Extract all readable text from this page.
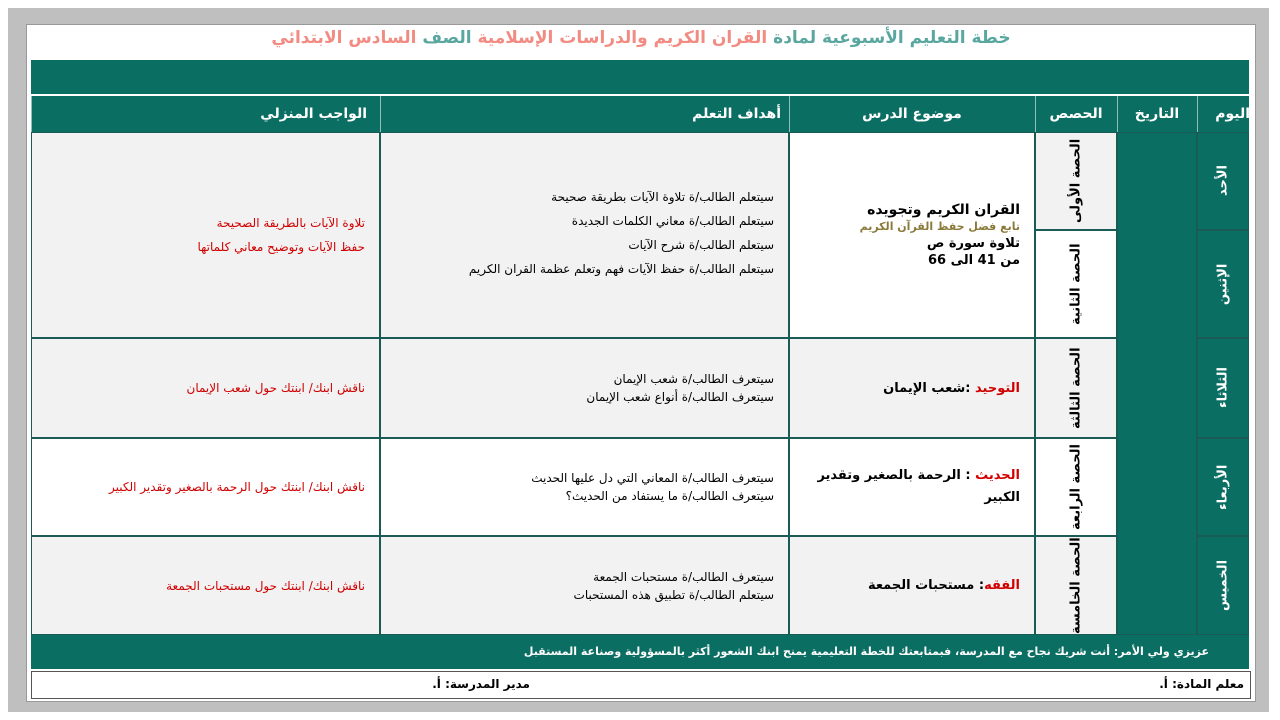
خطة التعليم الأسبوعية لمادة القران الكريم والدراسات الإسلامية الصف السادس الابتدائي
اليوم
التاريخ
الحصص
موضوع الدرس
أهداف التعلم
الواجب المنزلي
الأحد
الإثنين
الثلاثاء
الأربعاء
الخميس
الحصة الأولى
الحصة الثانية
الحصة الثالثة
الحصة الرابعة
الحصة الخامسة
القران الكريم وتجويده
تابع فضل حفظ القرآن الكريم
تلاوة سورة ص
من 41 الى 66
سيتعلم الطالب/ة تلاوة الآيات بطريقة صحيحة
سيتعلم الطالب/ة معاني الكلمات الجديدة
سيتعلم الطالب/ة شرح الآيات
سيتعلم الطالب/ة حفظ الآيات فهم وتعلم عظمة القران الكريم
تلاوة الآيات بالطريقة الصحيحة
حفظ الآيات وتوضيح معاني كلماتها
التوحيد :شعب الإيمان
سيتعرف الطالب/ة شعب الإيمان
سيتعرف الطالب/ة أنواع شعب الإيمان
ناقش ابنك/ ابنتك حول شعب الإيمان
الحديث : الرحمة بالصغير وتقدير الكبير
سيتعرف الطالب/ة المعاني التي دل عليها الحديث
سيتعرف الطالب/ة ما يستفاد من الحديث؟
ناقش ابنك/ ابنتك حول الرحمة بالصغير وتقدير الكبير
الفقه: مستحبات الجمعة
سيتعرف الطالب/ة مستحبات الجمعة
سيتعلم الطالب/ة تطبيق هذه المستحبات
ناقش ابنك/ ابنتك حول مستحبات الجمعة
عزيزي ولي الأمر: أنت شريك نجاح مع المدرسة، فبمتابعتك للخطة التعليمية يمنح ابنك الشعور أكثر بالمسؤولية وصناعة المستقبل
معلم المادة: أ.
مدير المدرسة: أ.
